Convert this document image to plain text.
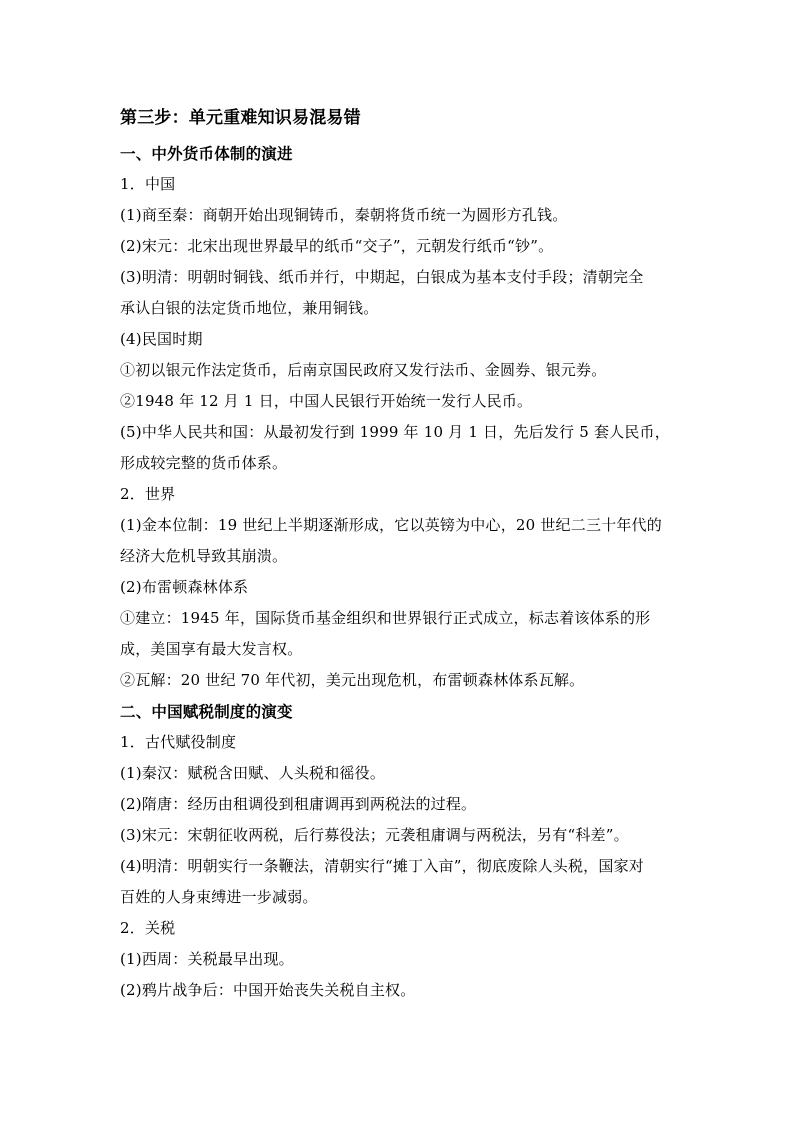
第三步：单元重难知识易混易错
一、中外货币体制的演进
1．中国
(1)商至秦：商朝开始出现铜铸币，秦朝将货币统一为圆形方孔钱。
(2)宋元：北宋出现世界最早的纸币“交子”，元朝发行纸币“钞”。
(3)明清：明朝时铜钱、纸币并行，中期起，白银成为基本支付手段；清朝完全
承认白银的法定货币地位，兼用铜钱。
(4)民国时期
①初以银元作法定货币，后南京国民政府又发行法币、金圆券、银元券。
②1948 年 12 月 1 日，中国人民银行开始统一发行人民币。
(5)中华人民共和国：从最初发行到 1999 年 10 月 1 日，先后发行 5 套人民币，
形成较完整的货币体系。
2．世界
(1)金本位制：19 世纪上半期逐渐形成，它以英镑为中心，20 世纪二三十年代的
经济大危机导致其崩溃。
(2)布雷顿森林体系
①建立：1945 年，国际货币基金组织和世界银行正式成立，标志着该体系的形
成，美国享有最大发言权。
②瓦解：20 世纪 70 年代初，美元出现危机，布雷顿森林体系瓦解。
二、中国赋税制度的演变
1．古代赋役制度
(1)秦汉：赋税含田赋、人头税和徭役。
(2)隋唐：经历由租调役到租庸调再到两税法的过程。
(3)宋元：宋朝征收两税，后行募役法；元袭租庸调与两税法，另有“科差”。
(4)明清：明朝实行一条鞭法，清朝实行“摊丁入亩”，彻底废除人头税，国家对
百姓的人身束缚进一步减弱。
2．关税
(1)西周：关税最早出现。
(2)鸦片战争后：中国开始丧失关税自主权。
